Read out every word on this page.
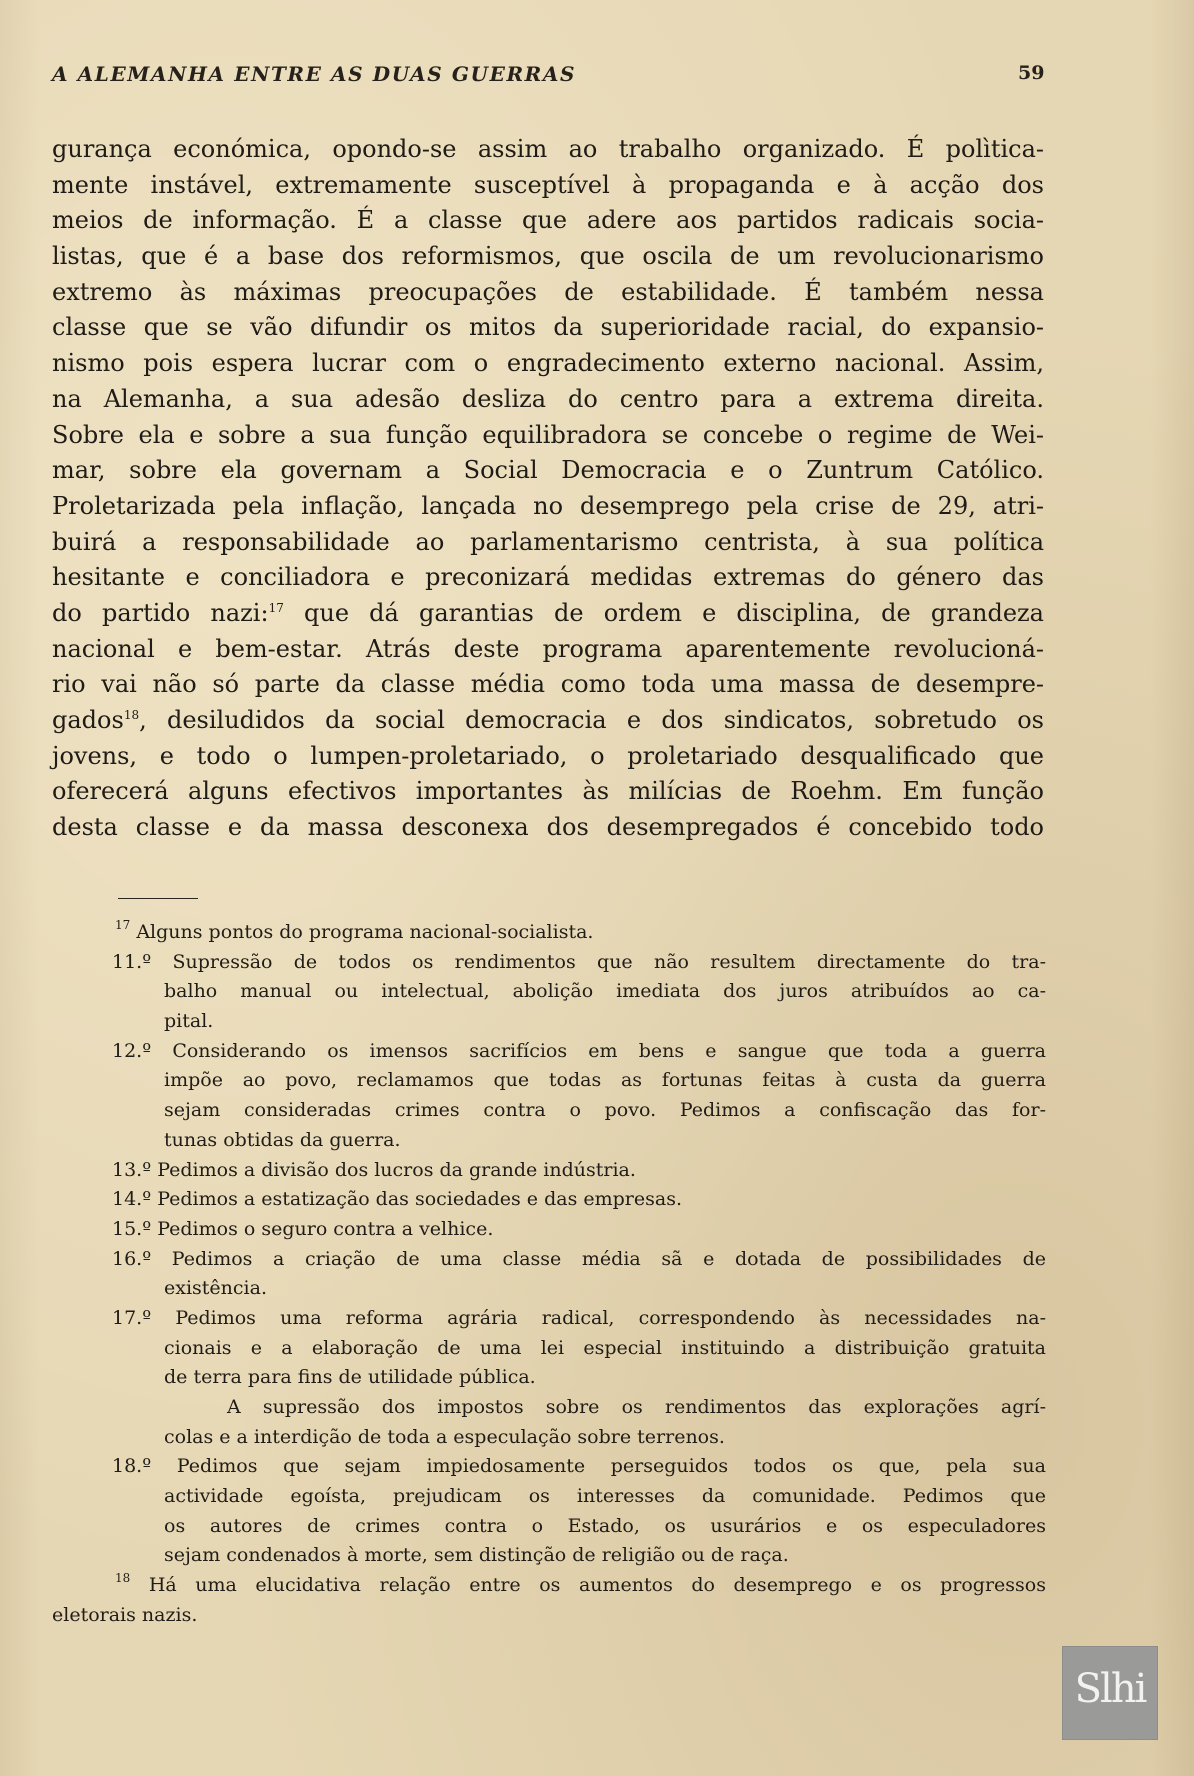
A ALEMANHA ENTRE AS DUAS GUERRAS	59
gurança económica, opondo-se assim ao trabalho organizado. É polìtica-
mente instável, extremamente susceptível à propaganda e à acção dos
meios de informação. É a classe que adere aos partidos radicais socia-
listas, que é a base dos reformismos, que oscila de um revolucionarismo
extremo às máximas preocupações de estabilidade. É também nessa
classe que se vão difundir os mitos da superioridade racial, do expansio-
nismo pois espera lucrar com o engradecimento externo nacional. Assim,
na Alemanha, a sua adesão desliza do centro para a extrema direita.
Sobre ela e sobre a sua função equilibradora se concebe o regime de Wei-
mar, sobre ela governam a Social Democracia e o Zuntrum Católico.
Proletarizada pela inflação, lançada no desemprego pela crise de 29, atri-
buirá a responsabilidade ao parlamentarismo centrista, à sua política
hesitante e conciliadora e preconizará medidas extremas do género das
do partido nazi:$^{17}$ que dá garantias de ordem e disciplina, de grandeza
nacional e bem-estar. Atrás deste programa aparentemente revolucioná-
rio vai não só parte da classe média como toda uma massa de desempre-
gados$^{18}$, desiludidos da social democracia e dos sindicatos, sobretudo os
jovens, e todo o lumpen-proletariado, o proletariado desqualificado que
oferecerá alguns efectivos importantes às milícias de Roehm. Em função
desta classe e da massa desconexa dos desempregados é concebido todo
$^{17}$ Alguns pontos do programa nacional-socialista.
11.º Supressão de todos os rendimentos que não resultem directamente do tra-
balho manual ou intelectual, abolição imediata dos juros atribuídos ao ca-
pital.
12.º Considerando os imensos sacrifícios em bens e sangue que toda a guerra
impõe ao povo, reclamamos que todas as fortunas feitas à custa da guerra
sejam consideradas crimes contra o povo. Pedimos a confiscação das for-
tunas obtidas da guerra.
13.º Pedimos a divisão dos lucros da grande indústria.
14.º Pedimos a estatização das sociedades e das empresas.
15.º Pedimos o seguro contra a velhice.
16.º Pedimos a criação de uma classe média sã e dotada de possibilidades de
existência.
17.º Pedimos uma reforma agrária radical, correspondendo às necessidades na-
cionais e a elaboração de uma lei especial instituindo a distribuição gratuita
de terra para fins de utilidade pública.
A supressão dos impostos sobre os rendimentos das explorações agrí-
colas e a interdição de toda a especulação sobre terrenos.
18.º Pedimos que sejam impiedosamente perseguidos todos os que, pela sua
actividade egoísta, prejudicam os interesses da comunidade. Pedimos que
os autores de crimes contra o Estado, os usurários e os especuladores
sejam condenados à morte, sem distinção de religião ou de raça.
$^{18}$ Há uma elucidativa relação entre os aumentos do desemprego e os progressos
eletorais nazis.
Slhi
